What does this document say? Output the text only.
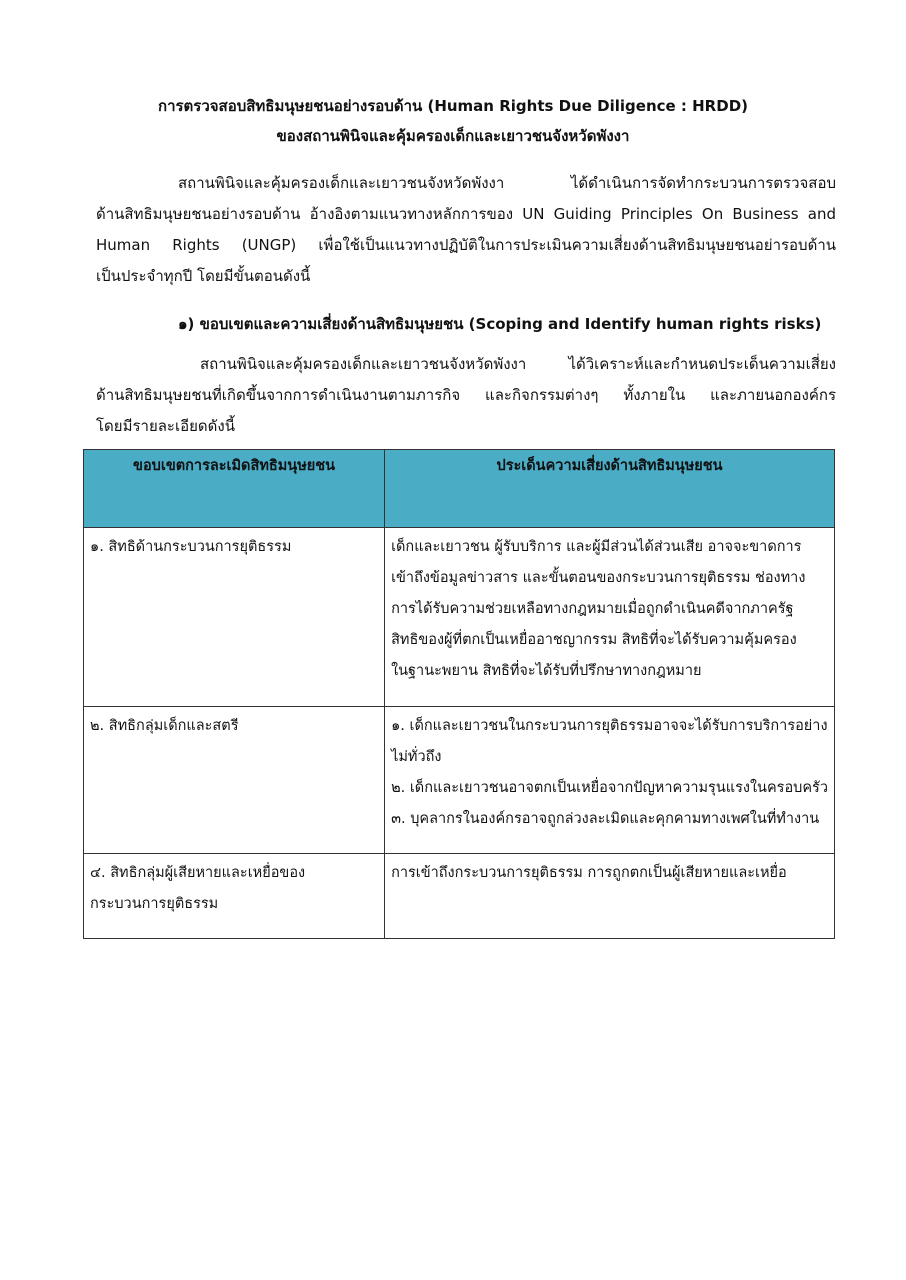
การตรวจสอบสิทธิมนุษยชนอย่างรอบด้าน (Human Rights Due Diligence : HRDD)
ของสถานพินิจและคุ้มครองเด็กและเยาวชนจังหวัดพังงา
สถานพินิจและคุ้มครองเด็กและเยาวชนจังหวัดพังงา ได้ดำเนินการจัดทำกระบวนการตรวจสอบ
ด้านสิทธิมนุษยชนอย่างรอบด้าน อ้างอิงตามแนวทางหลักการของ UN Guiding Principles On Business and
Human Rights (UNGP) เพื่อใช้เป็นแนวทางปฏิบัติในการประเมินความเสี่ยงด้านสิทธิมนุษยชนอย่ารอบด้าน
เป็นประจำทุกปี โดยมีขั้นตอนดังนี้
๑) ขอบเขตและความเสี่ยงด้านสิทธิมนุษยชน (Scoping and Identify human rights risks)
สถานพินิจและคุ้มครองเด็กและเยาวชนจังหวัดพังงา ได้วิเคราะห์และกำหนดประเด็นความเสี่ยง
ด้านสิทธิมนุษยชนที่เกิดขึ้นจากการดำเนินงานตามภารกิจ และกิจกรรมต่างๆ ทั้งภายใน และภายนอกองค์กร
โดยมีรายละเอียดดังนี้
ขอบเขตการละเมิดสิทธิมนุษยชน	ประเด็นความเสี่ยงด้านสิทธิมนุษยชน

๑. สิทธิด้านกระบวนการยุติธรรม	เด็กและเยาวชน ผู้รับบริการ และผู้มีส่วนได้ส่วนเสีย อาจจะขาดการ
เข้าถึงข้อมูลข่าวสาร และขั้นตอนของกระบวนการยุติธรรม ช่องทาง
การได้รับความช่วยเหลือทางกฎหมายเมื่อถูกดำเนินคดีจากภาครัฐ
สิทธิของผู้ที่ตกเป็นเหยื่ออาชญากรรม สิทธิที่จะได้รับความคุ้มครอง
ในฐานะพยาน สิทธิที่จะได้รับที่ปรึกษาทางกฎหมาย

๒. สิทธิกลุ่มเด็กและสตรี	๑. เด็กและเยาวชนในกระบวนการยุติธรรมอาจจะได้รับการบริการอย่าง
ไม่ทั่วถึง
๒. เด็กและเยาวชนอาจตกเป็นเหยื่อจากปัญหาความรุนแรงในครอบครัว
๓. บุคลากรในองค์กรอาจถูกล่วงละเมิดและคุกคามทางเพศในที่ทำงาน

๔. สิทธิกลุ่มผู้เสียหายและเหยื่อของ
กระบวนการยุติธรรม	การเข้าถึงกระบวนการยุติธรรม การถูกตกเป็นผู้เสียหายและเหยื่อ
